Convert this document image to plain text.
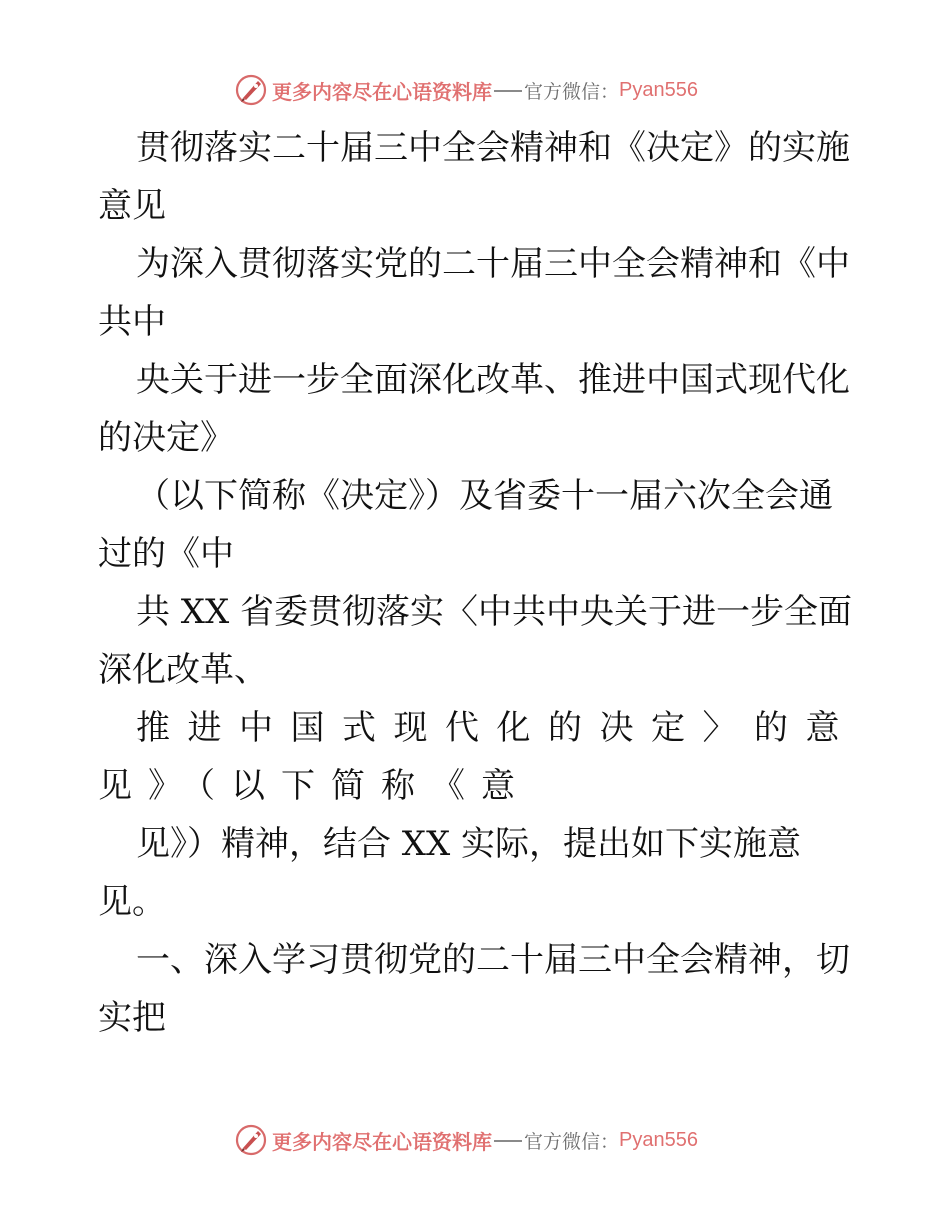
更多内容尽在心语资料库 官方微信： Pyan556
贯彻落实二十届三中全会精神和《决定》的实施
意见
为深入贯彻落实党的二十届三中全会精神和《中
共中
央关于进一步全面深化改革、推进中国式现代化
的决定》
（以下简称《决定》）及省委十一届六次全会通
过的《中
共 XX 省委贯彻落实〈中共中央关于进一步全面
深化改革、
推进中国式现代化的决定〉的意
见》（以下简称《意
见》）精神，结合 XX 实际，提出如下实施意
见。
一、深入学习贯彻党的二十届三中全会精神，切
实把
更多内容尽在心语资料库 官方微信： Pyan556
